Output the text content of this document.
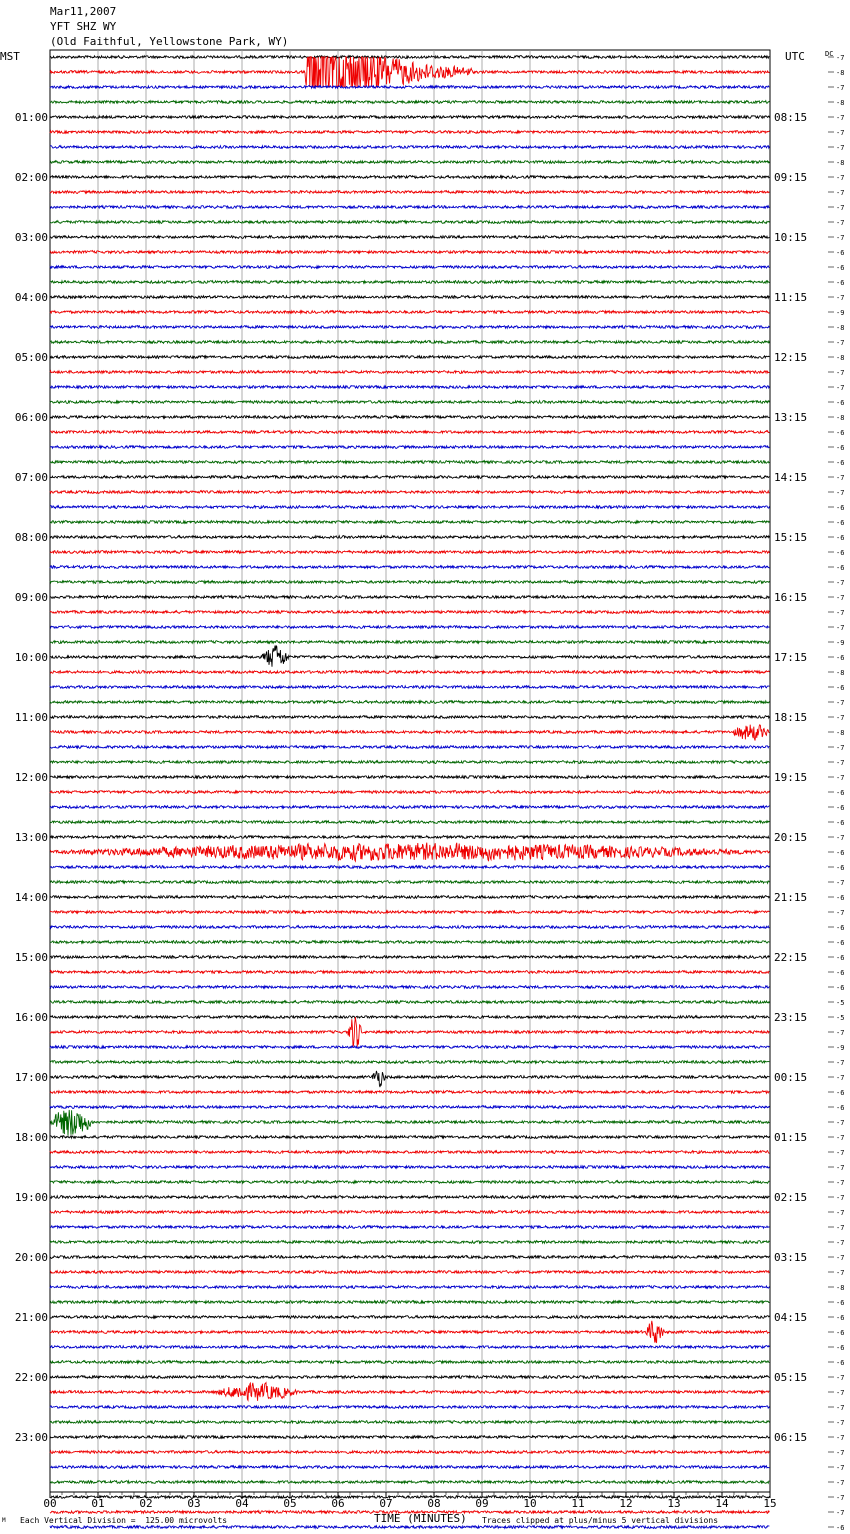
Mar11,2007
YFT SHZ WY
(Old Faithful, Yellowstone Park, WY)
MST	UTC	DC
00	01	02	03	04	05	06	07	08	09	10	11	12	13	14	15
01:00
02:00
03:00
04:00
05:00
06:00
07:00
08:00
09:00
10:00
11:00
12:00
13:00
14:00
15:00
16:00
17:00
18:00
19:00
20:00
21:00
22:00
23:00
08:15
09:15
10:15
11:15
12:15
13:15
14:15
15:15
16:15
17:15
18:15
19:15
20:15
21:15
22:15
23:15
00:15
01:15
02:15
03:15
04:15
05:15
06:15
-7
-8
-7
-8
-7
-7
-7
-8
-7
-7
-7
-7
-7
-6
-6
-6
-7
-9
-8
-7
-8
-7
-7
-6
-8
-6
-6
-6
-7
-7
-6
-6
-6
-6
-6
-7
-7
-7
-7
-9
-6
-8
-6
-7
-7
-8
-7
-7
-7
-6
-6
-6
-7
-6
-6
-7
-6
-7
-6
-6
-6
-6
-6
-5
-5
-7
-9
-7
-7
-6
-6
-7
-7
-7
-7
-7
-7
-7
-7
-7
-7
-7
-8
-6
-6
-6
-6
-6
-7
-7
-7
-7
-7
-7
-7
-7
-7
-7
-6
M Each Vertical Division =  125.00 microvolts	TIME (MINUTES) Traces clipped at plus/minus 5 vertical divisions
